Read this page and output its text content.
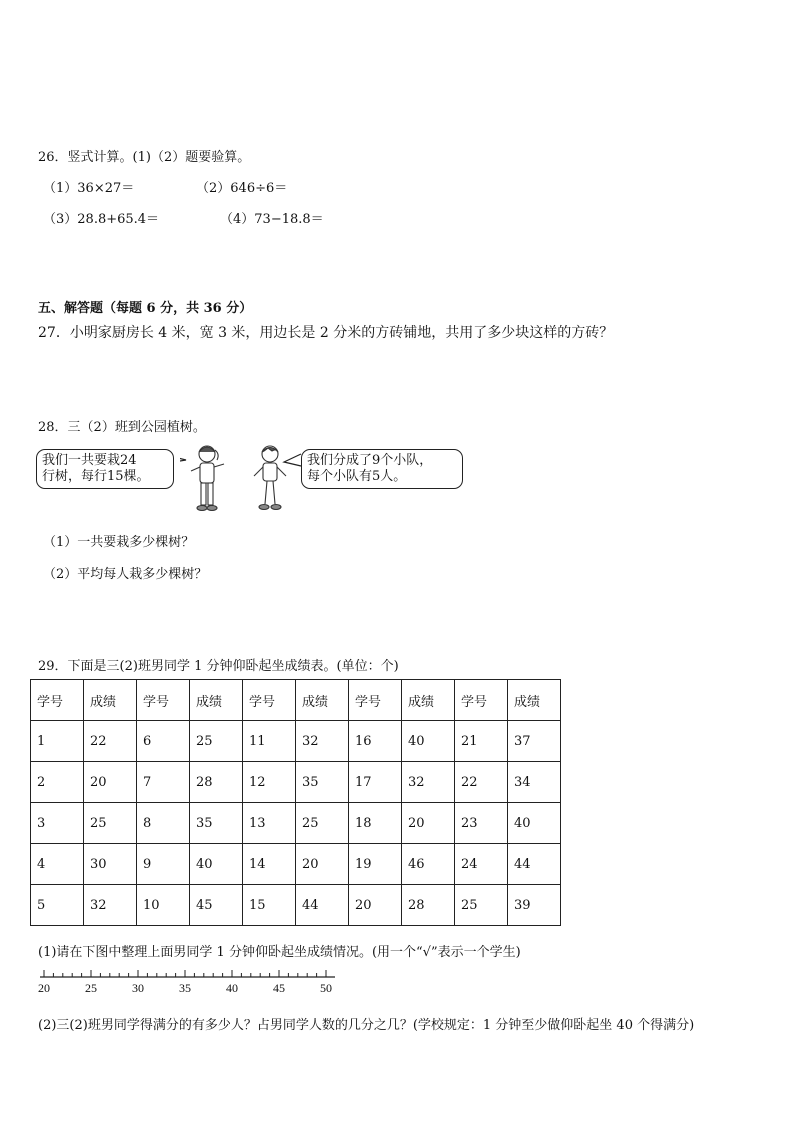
26．竖式计算。(1)（2）题要验算。
（1）36×27＝	（2）646÷6＝
（3）28.8+65.4＝	（4）73−18.8＝
五、解答题（每题 6 分，共 36 分）
27．小明家厨房长 4 米，宽 3 米，用边长是 2 分米的方砖铺地，共用了多少块这样的方砖？
28．三（2）班到公园植树。
我们一共要栽24
行树，每行15棵。
我们分成了9个小队，
每个小队有5人。
（1）一共要栽多少棵树？
（2）平均每人栽多少棵树？
29．下面是三(2)班男同学 1 分钟仰卧起坐成绩表。(单位：个)
学号	成绩	学号	成绩	学号	成绩	学号	成绩	学号	成绩
1	22	6	25	11	32	16	40	21	37
2	20	7	28	12	35	17	32	22	34
3	25	8	35	13	25	18	20	23	40
4	30	9	40	14	20	19	46	24	44
5	32	10	45	15	44	20	28	25	39
(1)请在下图中整理上面男同学 1 分钟仰卧起坐成绩情况。(用一个“√”表示一个学生)
20	25	30	35	40	45	50
(2)三(2)班男同学得满分的有多少人？占男同学人数的几分之几？(学校规定：1 分钟至少做仰卧起坐 40 个得满分)
